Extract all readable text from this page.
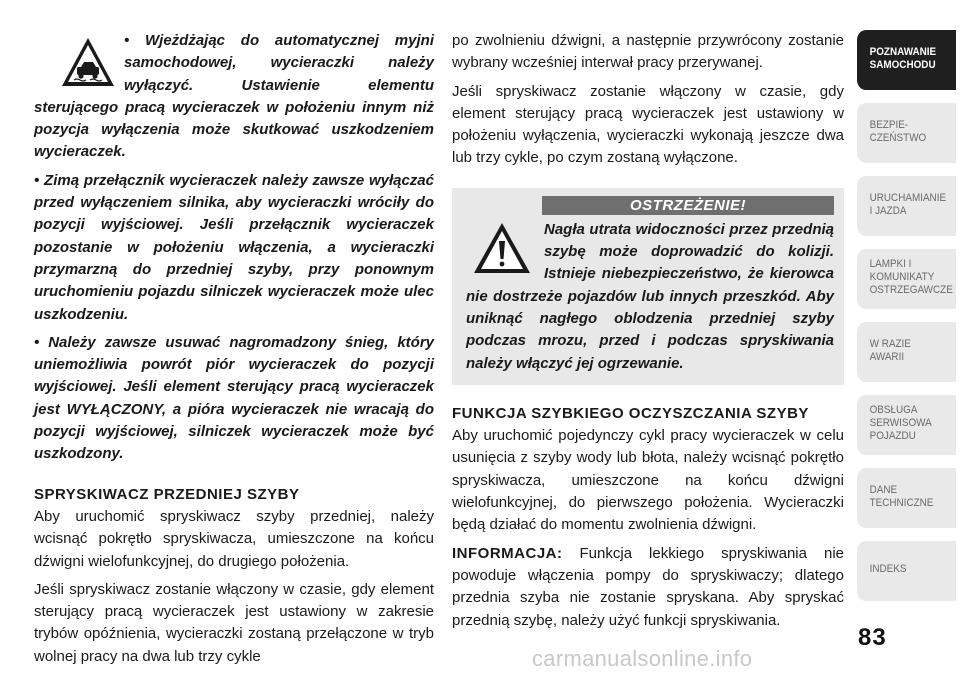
• Wjeżdżając do automatycznej myjni samochodowej, wycieraczki należy wyłączyć. Ustawienie elementu sterującego pracą wycieraczek w położeniu innym niż pozycja wyłączenia może skutkować uszkodzeniem wycieraczek.

• Zimą przełącznik wycieraczek należy zawsze wyłączać przed wyłączeniem silnika, aby wycieraczki wróciły do pozycji wyjściowej. Jeśli przełącznik wycieraczek pozostanie w położeniu włączenia, a wycieraczki przymarzną do przedniej szyby, przy ponownym uruchomieniu pojazdu silniczek wycieraczek może ulec uszkodzeniu.

• Należy zawsze usuwać nagromadzony śnieg, który uniemożliwia powrót piór wycieraczek do pozycji wyjściowej. Jeśli element sterujący pracą wycieraczek jest WYŁĄCZONY, a pióra wycieraczek nie wracają do pozycji wyjściowej, silniczek wycieraczek może być uszkodzony.

SPRYSKIWACZ PRZEDNIEJ SZYBY

Aby uruchomić spryskiwacz szyby przedniej, należy wcisnąć pokrętło spryskiwacza, umieszczone na końcu dźwigni wielofunkcyjnej, do drugiego położenia.

Jeśli spryskiwacz zostanie włączony w czasie, gdy element sterujący pracą wycieraczek jest ustawiony w zakresie trybów opóźnienia, wycieraczki zostaną przełączone w tryb wolnej pracy na dwa lub trzy cykle

po zwolnieniu dźwigni, a następnie przywrócony zostanie wybrany wcześniej interwał pracy przerywanej.

Jeśli spryskiwacz zostanie włączony w czasie, gdy element sterujący pracą wycieraczek jest ustawiony w położeniu wyłączenia, wycieraczki wykonają jeszcze dwa lub trzy cykle, po czym zostaną wyłączone.

OSTRZEŻENIE!

Nagła utrata widoczności przez przednią szybę może doprowadzić do kolizji. Istnieje niebezpieczeństwo, że kierowca nie dostrzeże pojazdów lub innych przeszkód. Aby uniknąć nagłego oblodzenia przedniej szyby podczas mrozu, przed i podczas spryskiwania należy włączyć jej ogrzewanie.

FUNKCJA SZYBKIEGO OCZYSZCZANIA SZYBY

Aby uruchomić pojedynczy cykl pracy wycieraczek w celu usunięcia z szyby wody lub błota, należy wcisnąć pokrętło spryskiwacza, umieszczone na końcu dźwigni wielofunkcyjnej, do pierwszego położenia. Wycieraczki będą działać do momentu zwolnienia dźwigni.

INFORMACJA: Funkcja lekkiego spryskiwania nie powoduje włączenia pompy do spryskiwaczy; dlatego przednia szyba nie zostanie spryskana. Aby spryskać przednią szybę, należy użyć funkcji spryskiwania.

POZNAWANIE
SAMOCHODU
BEZPIE-
CZEŃSTWO
URUCHAMIANIE
I JAZDA
LAMPKI I
KOMUNIKATY
OSTRZEGAWCZE
W RAZIE
AWARII
OBSŁUGA
SERWISOWA
POJAZDU
DANE
TECHNICZNE
INDEKS
83
carmanualsonline.info
